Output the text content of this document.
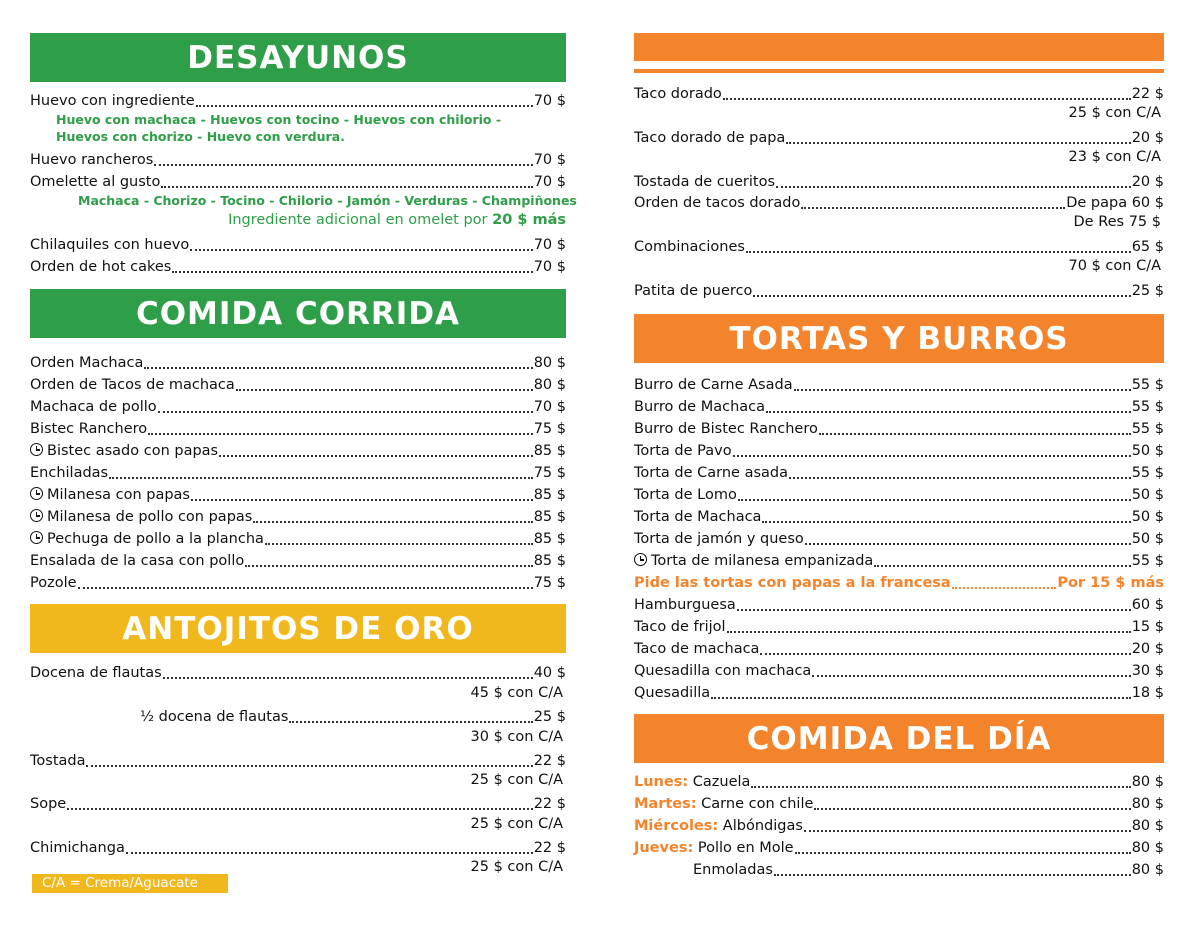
DESAYUNOS
Huevo con ingrediente	70 $
Huevo con machaca - Huevos con tocino - Huevos con chilorio - Huevos con chorizo - Huevo con verdura.
Huevo rancheros	70 $
Omelette al gusto	70 $
Machaca - Chorizo - Tocino - Chilorio - Jamón - Verduras - Champiñones
Ingrediente adicional en omelet por 20 $ más
Chilaquiles con huevo	70 $
Orden de hot cakes	70 $
COMIDA CORRIDA
Orden Machaca	80 $
Orden de Tacos de machaca	80 $
Machaca de pollo	70 $
Bistec Ranchero	75 $
Bistec asado con papas	85 $
Enchiladas	75 $
Milanesa con papas	85 $
Milanesa de pollo con papas	85 $
Pechuga de pollo a la plancha	85 $
Ensalada de la casa con pollo	85 $
Pozole	75 $
ANTOJITOS DE ORO
Docena de flautas	40 $
45 $ con C/A
½ docena de flautas	25 $
30 $ con C/A
Tostada	22 $
25 $ con C/A
Sope	22 $
25 $ con C/A
Chimichanga	22 $
25 $ con C/A
C/A = Crema/Aguacate
Taco dorado	22 $
25 $ con C/A
Taco dorado de papa	20 $
23 $ con C/A
Tostada de cueritos	20 $
Orden de tacos dorado	De papa 60 $
De Res 75 $
Combinaciones	65 $
70 $ con C/A
Patita de puerco	25 $
TORTAS Y BURROS
Burro de Carne Asada	55 $
Burro de Machaca	55 $
Burro de Bistec Ranchero	55 $
Torta de Pavo	50 $
Torta de Carne asada	55 $
Torta de Lomo	50 $
Torta de Machaca	50 $
Torta de jamón y queso	50 $
Torta de milanesa empanizada	55 $
Pide las tortas con papas a la francesa	Por 15 $ más
Hamburguesa	60 $
Taco de frijol	15 $
Taco de machaca	20 $
Quesadilla con machaca	30 $
Quesadilla	18 $
COMIDA DEL DÍA
Lunes: Cazuela	80 $
Martes: Carne con chile	80 $
Miércoles: Albóndigas	80 $
Jueves: Pollo en Mole	80 $
Enmoladas	80 $
